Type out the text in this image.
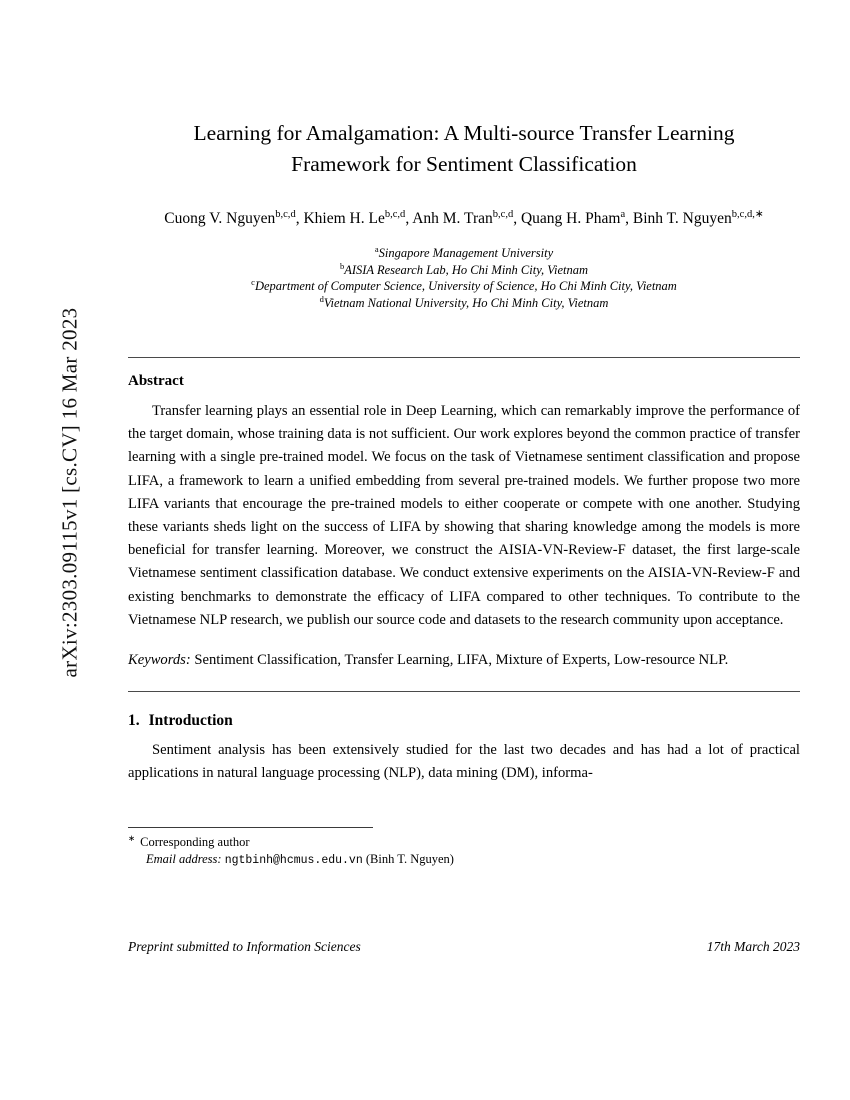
arXiv:2303.09115v1 [cs.CV] 16 Mar 2023
Learning for Amalgamation: A Multi-source Transfer Learning Framework for Sentiment Classification
Cuong V. Nguyen$^{b,c,d}$, Khiem H. Le$^{b,c,d}$, Anh M. Tran$^{b,c,d}$, Quang H. Pham$^a$, Binh T. Nguyen$^{b,c,d,∗}$
$^a$Singapore Management University
$^b$AISIA Research Lab, Ho Chi Minh City, Vietnam
$^c$Department of Computer Science, University of Science, Ho Chi Minh City, Vietnam
$^d$Vietnam National University, Ho Chi Minh City, Vietnam
Abstract

Transfer learning plays an essential role in Deep Learning, which can remarkably improve the performance of the target domain, whose training data is not sufficient. Our work explores beyond the common practice of transfer learning with a single pre-trained model. We focus on the task of Vietnamese sentiment classification and propose LIFA, a framework to learn a unified embedding from several pre-trained models. We further propose two more LIFA variants that encourage the pre-trained models to either cooperate or compete with one another. Studying these variants sheds light on the success of LIFA by showing that sharing knowledge among the models is more beneficial for transfer learning. Moreover, we construct the AISIA-VN-Review-F dataset, the first large-scale Vietnamese sentiment classification database. We conduct extensive experiments on the AISIA-VN-Review-F and existing benchmarks to demonstrate the efficacy of LIFA compared to other techniques. To contribute to the Vietnamese NLP research, we publish our source code and datasets to the research community upon acceptance.

Keywords: Sentiment Classification, Transfer Learning, LIFA, Mixture of Experts, Low-resource NLP.

1. Introduction

Sentiment analysis has been extensively studied for the last two decades and has had a lot of practical applications in natural language processing (NLP), data mining (DM), informa-

∗ Corresponding author
Email address: ngtbinh@hcmus.edu.vn (Binh T. Nguyen)
Preprint submitted to Information Sciences	17th March 2023
